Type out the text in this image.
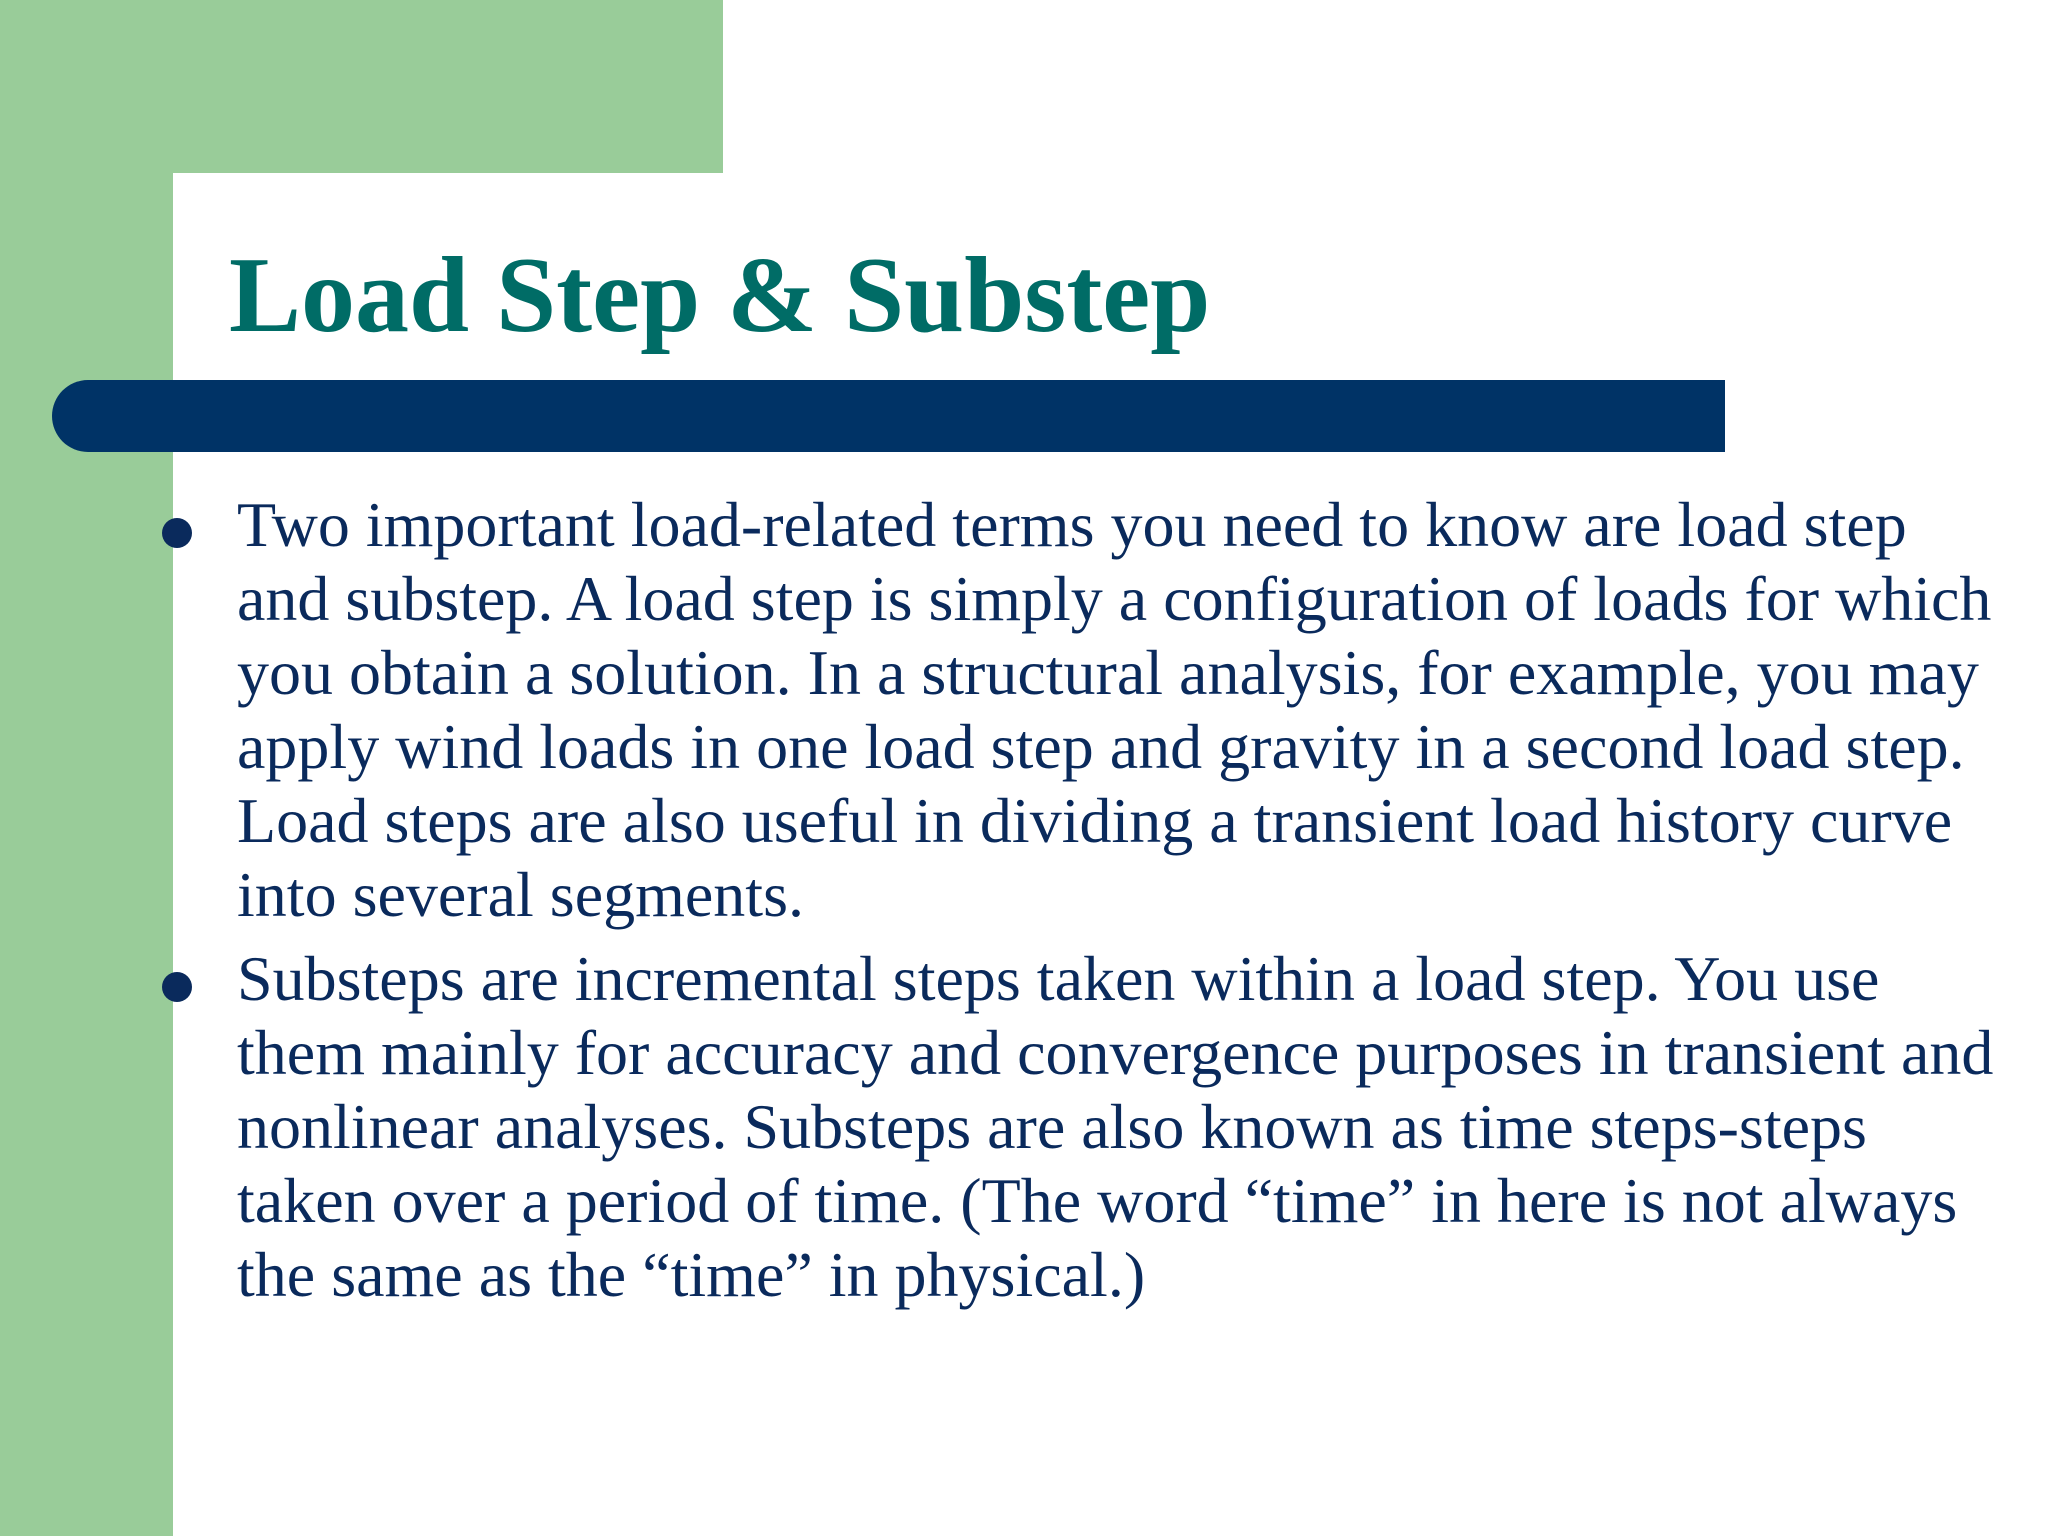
Load Step & Substep
Two important load-related terms you need to know are load step and substep. A load step is simply a configuration of loads for which you obtain a solution. In a structural analysis, for example, you may apply wind loads in one load step and gravity in a second load step. Load steps are also useful in dividing a transient load history curve into several segments.
Substeps are incremental steps taken within a load step. You use them mainly for accuracy and convergence purposes in transient and nonlinear analyses. Substeps are also known as time steps-steps taken over a period of time. (The word “time” in here is not always the same as the “time” in physical.)
